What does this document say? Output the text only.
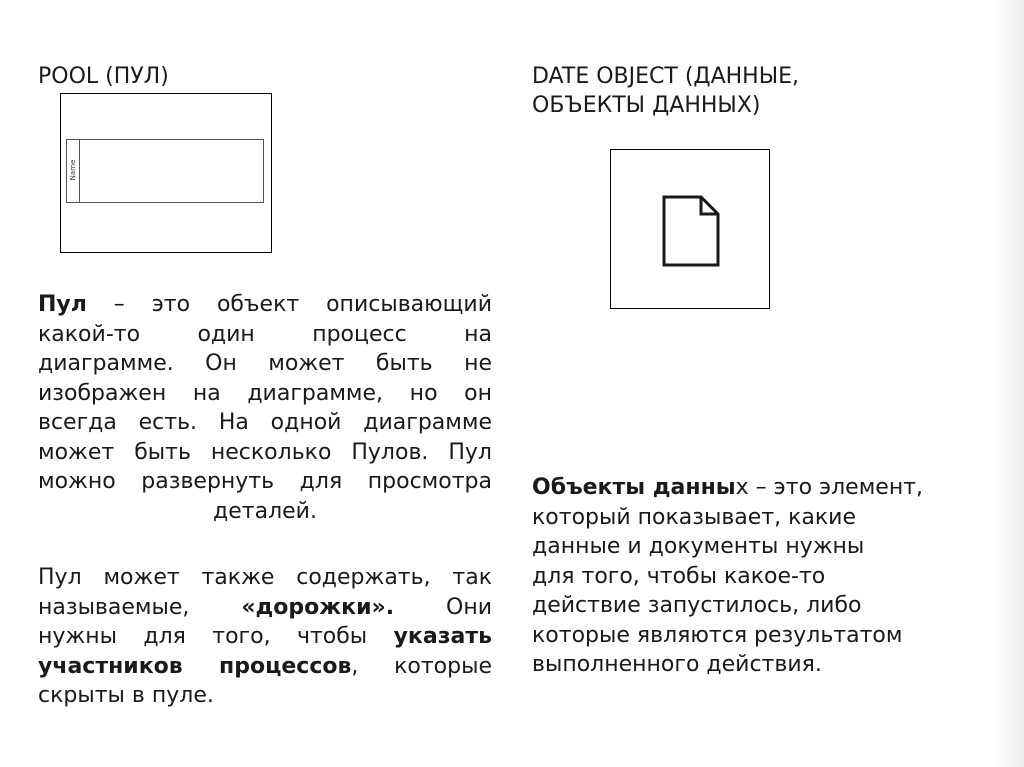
POOL (ПУЛ)
Name

Пул – это объект описывающий
какой-то один процесс на
диаграмме. Он может быть не
изображен на диаграмме, но он
всегда есть. На одной диаграмме
может быть несколько Пулов. Пул
можно развернуть для просмотра
деталей.

Пул может также содержать, так
называемые, «дорожки». Они
нужны для того, чтобы указать
участников процессов, которые
скрыты в пуле.

DATE OBJECT (ДАННЫЕ,
ОБЪЕКТЫ ДАННЫХ)

Объекты данных – это элемент,
который показывает, какие
данные и документы нужны
для того, чтобы какое-то
действие запустилось, либо
которые являются результатом
выполненного действия.
